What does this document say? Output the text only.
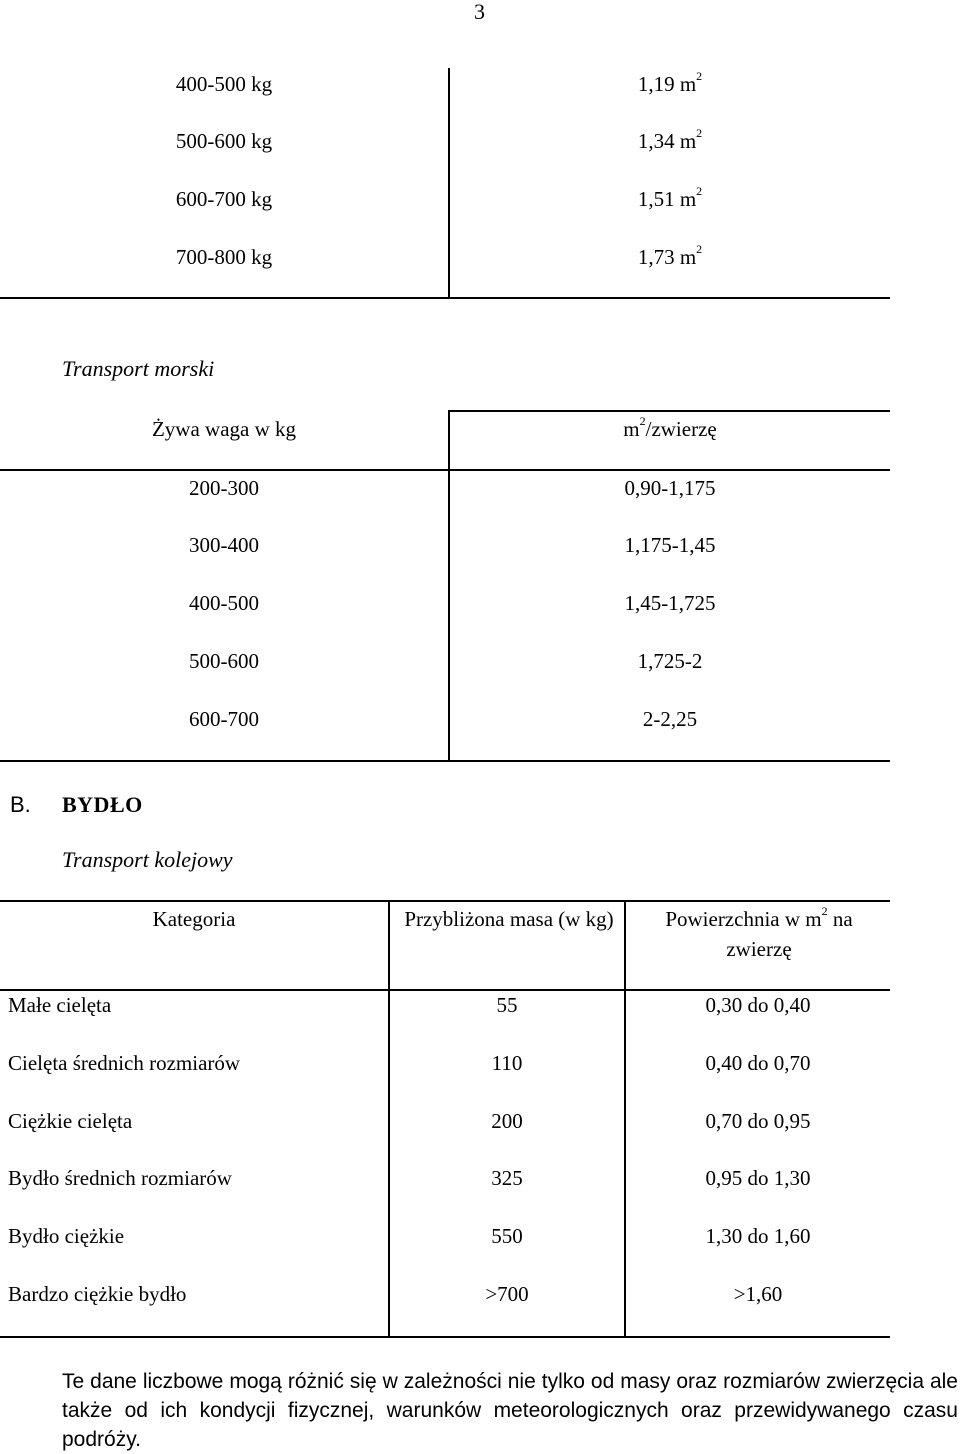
3
400-500 kg	1,19 $m^2$
500-600 kg	1,34 $m^2$
600-700 kg	1,51 $m^2$
700-800 kg	1,73 $m^2$
Transport morski
Żywa waga w kg	$m^2$/zwierzę
200-300	0,90-1,175
300-400	1,175-1,45
400-500	1,45-1,725
500-600	1,725-2
600-700	2-2,25
B. BYDŁO
Transport kolejowy
Kategoria	Przybliżona masa (w kg)	Powierzchnia w $m^2$ na zwierzę
Małe cielęta	55	0,30 do 0,40
Cielęta średnich rozmiarów	110	0,40 do 0,70
Ciężkie cielęta	200	0,70 do 0,95
Bydło średnich rozmiarów	325	0,95 do 1,30
Bydło ciężkie	550	1,30 do 1,60
Bardzo ciężkie bydło	>700	>1,60
Te dane liczbowe mogą różnić się w zależności nie tylko od masy oraz rozmiarów zwierzęcia ale także od ich kondycji fizycznej, warunków meteorologicznych oraz przewidywanego czasu podróży.
